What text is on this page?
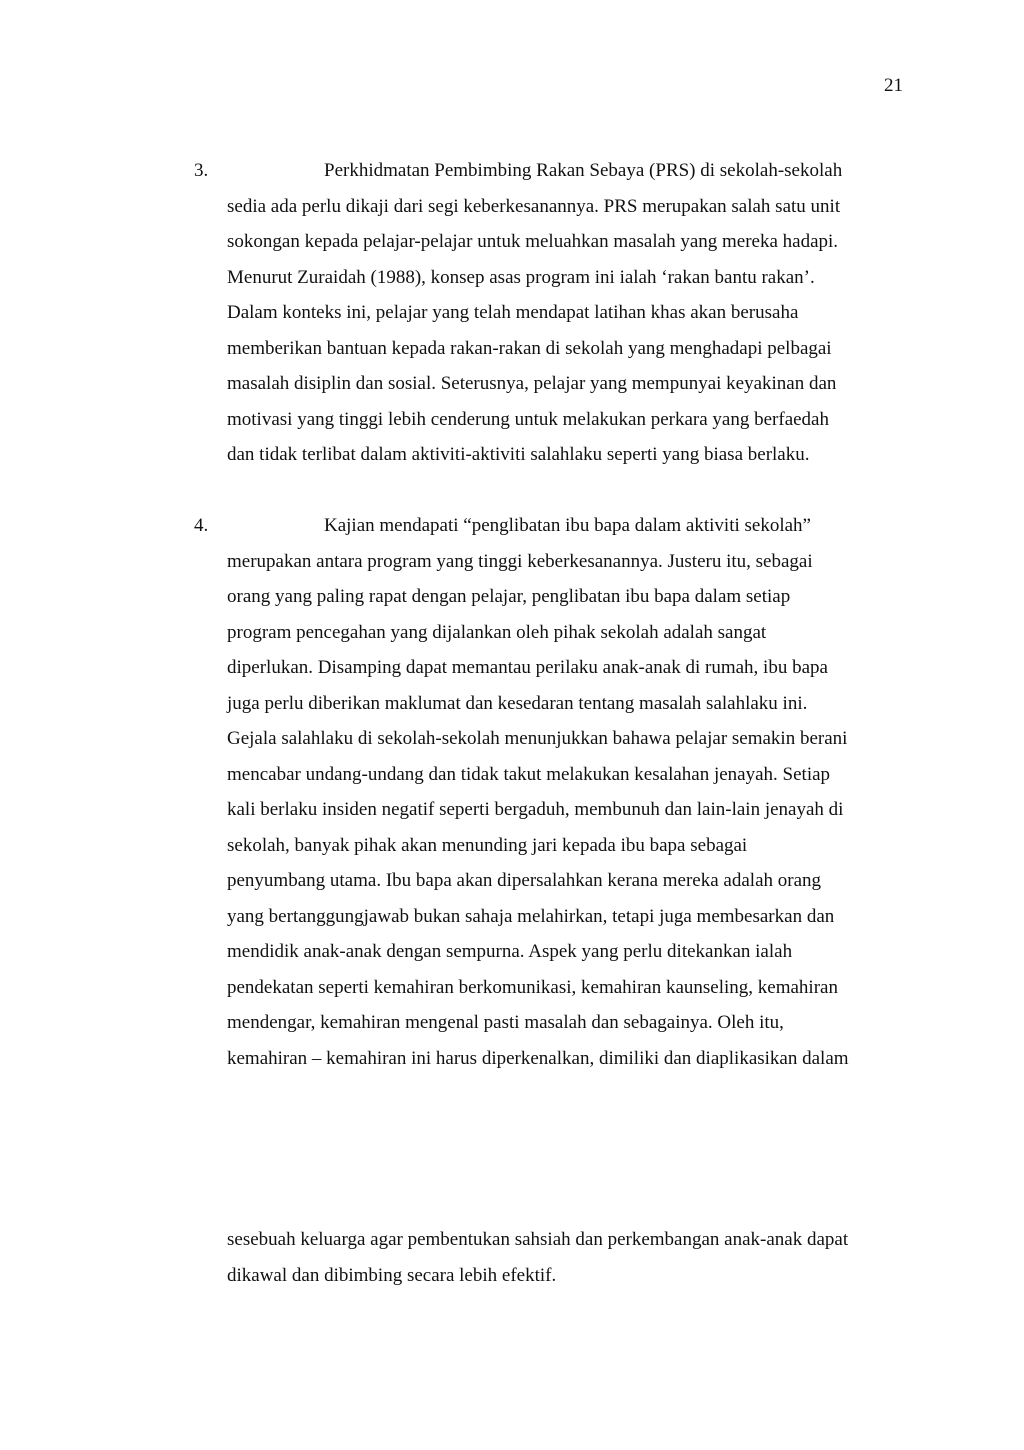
21
3.	Perkhidmatan Pembimbing Rakan Sebaya (PRS) di sekolah-sekolah
sedia ada perlu dikaji dari segi keberkesanannya. PRS merupakan salah satu unit
sokongan kepada pelajar-pelajar untuk meluahkan masalah yang mereka hadapi.
Menurut Zuraidah (1988), konsep asas program ini ialah ‘rakan bantu rakan’.
Dalam konteks ini, pelajar yang telah mendapat latihan khas akan berusaha
memberikan bantuan kepada rakan-rakan di sekolah yang menghadapi pelbagai
masalah disiplin dan sosial. Seterusnya, pelajar yang mempunyai keyakinan dan
motivasi yang tinggi lebih cenderung untuk melakukan perkara yang berfaedah
dan tidak terlibat dalam aktiviti-aktiviti salahlaku seperti yang biasa berlaku.
4.	Kajian mendapati “penglibatan ibu bapa dalam aktiviti sekolah”
merupakan antara program yang tinggi keberkesanannya. Justeru itu, sebagai
orang yang paling rapat dengan pelajar, penglibatan ibu bapa dalam setiap
program pencegahan yang dijalankan oleh pihak sekolah adalah sangat
diperlukan. Disamping dapat memantau perilaku anak-anak di rumah, ibu bapa
juga perlu diberikan maklumat dan kesedaran tentang masalah salahlaku ini.
Gejala salahlaku di sekolah-sekolah menunjukkan bahawa pelajar semakin berani
mencabar undang-undang dan tidak takut melakukan kesalahan jenayah. Setiap
kali berlaku insiden negatif seperti bergaduh, membunuh dan lain-lain jenayah di
sekolah, banyak pihak akan menunding jari kepada ibu bapa sebagai
penyumbang utama. Ibu bapa akan dipersalahkan kerana mereka adalah orang
yang bertanggungjawab bukan sahaja melahirkan, tetapi juga membesarkan dan
mendidik anak-anak dengan sempurna. Aspek yang perlu ditekankan ialah
pendekatan seperti kemahiran berkomunikasi, kemahiran kaunseling, kemahiran
mendengar, kemahiran mengenal pasti masalah dan sebagainya. Oleh itu,
kemahiran – kemahiran ini harus diperkenalkan, dimiliki dan diaplikasikan dalam
sesebuah keluarga agar pembentukan sahsiah dan perkembangan anak-anak dapat
dikawal dan dibimbing secara lebih efektif.
